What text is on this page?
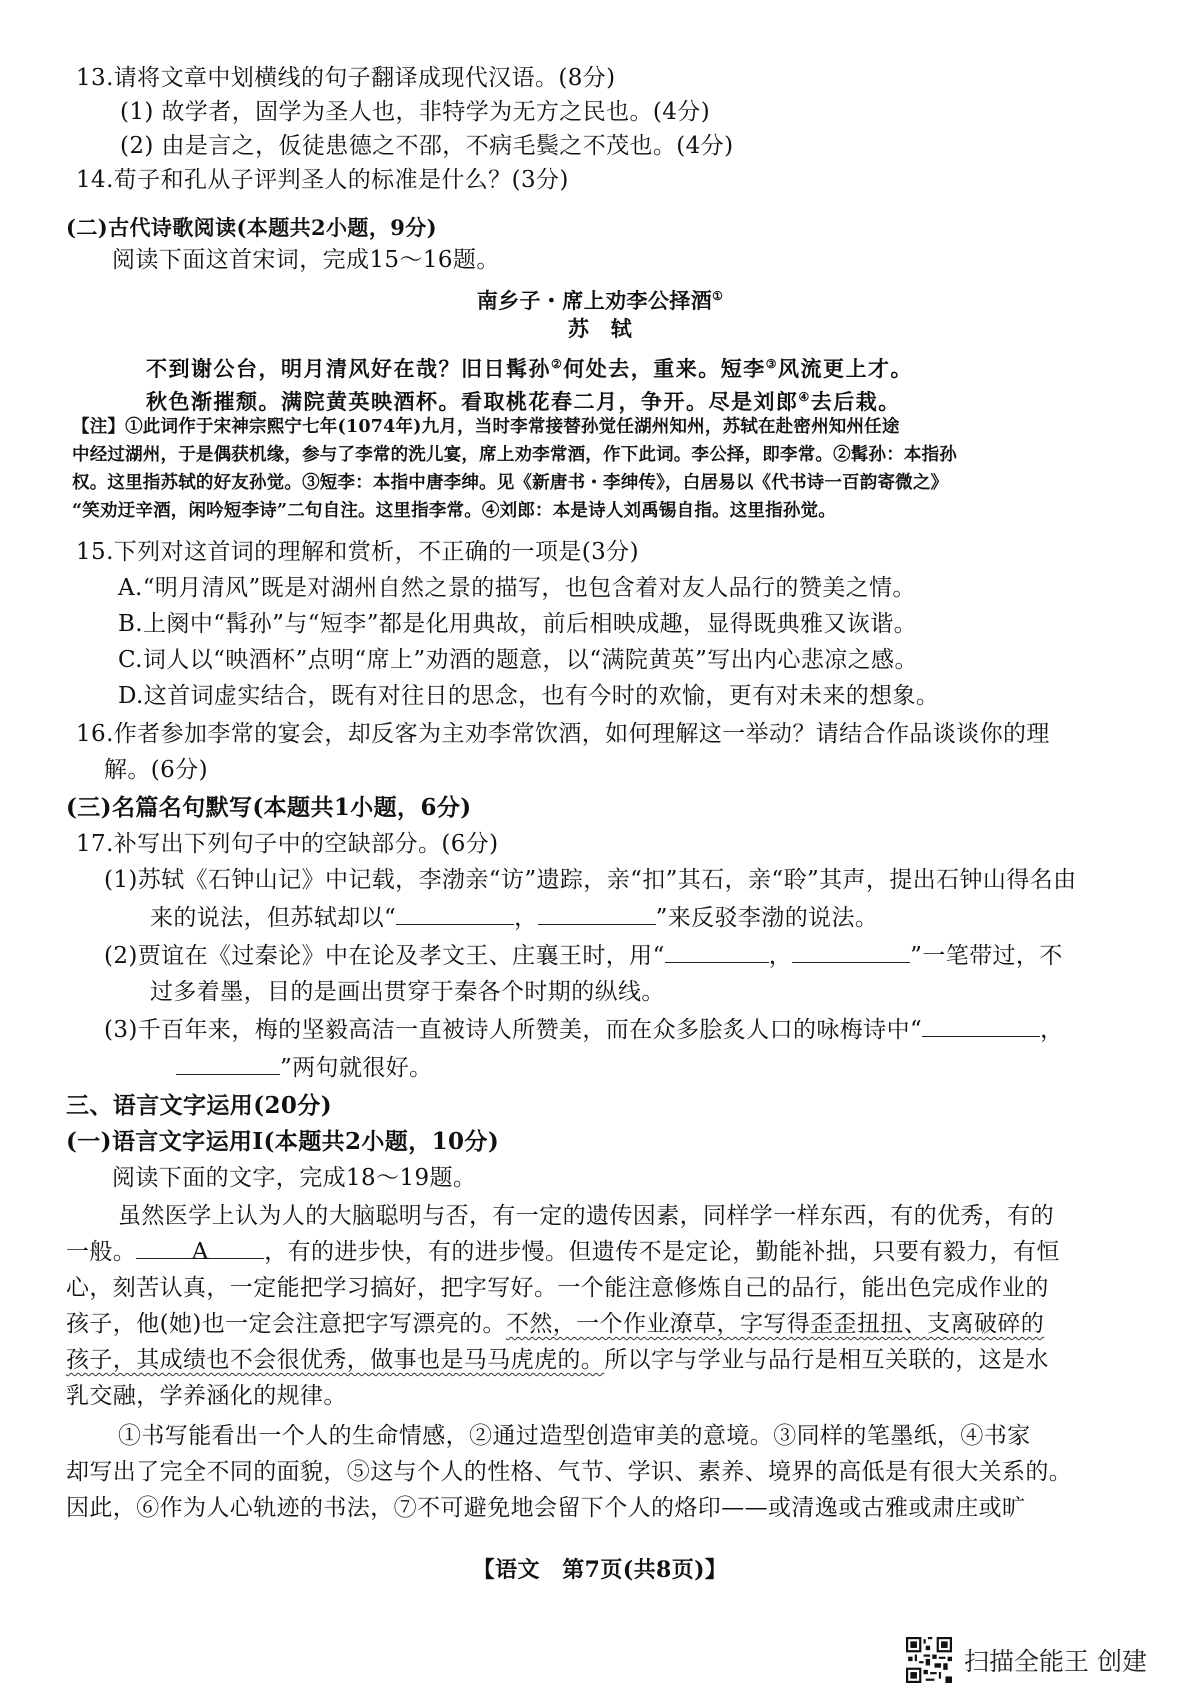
13.请将文章中划横线的句子翻译成现代汉语。(8分)
(1) 故学者，固学为圣人也，非特学为无方之民也。(4分)
(2) 由是言之，仮徒患德之不邵，不病毛鬓之不茂也。(4分)
14.荀子和孔从子评判圣人的标准是什么？(3分)
(二)古代诗歌阅读(本题共2小题，9分)
阅读下面这首宋词，完成15～16题。
南乡子・席上劝李公择酒①
苏　轼
不到谢公台，明月清风好在哉？旧日髯孙②何处去，重来。短李③风流更上才。
秋色渐摧颓。满院黄英映酒杯。看取桃花春二月，争开。尽是刘郎④去后栽。
【注】①此词作于宋神宗熙宁七年(1074年)九月，当时李常接替孙觉任湖州知州，苏轼在赴密州知州任途
中经过湖州，于是偶获机缘，参与了李常的洗儿宴，席上劝李常酒，作下此词。李公择，即李常。②髯孙：本指孙
权。这里指苏轼的好友孙觉。③短李：本指中唐李绅。见《新唐书・李绅传》，白居易以《代书诗一百韵寄微之》
“笑劝迂辛酒，闲吟短李诗”二句自注。这里指李常。④刘郎：本是诗人刘禹锡自指。这里指孙觉。
15.下列对这首词的理解和赏析，不正确的一项是(3分)
A.“明月清风”既是对湖州自然之景的描写，也包含着对友人品行的赞美之情。
B.上阕中“髯孙”与“短李”都是化用典故，前后相映成趣，显得既典雅又诙谐。
C.词人以“映酒杯”点明“席上”劝酒的题意，以“满院黄英”写出内心悲凉之感。
D.这首词虚实结合，既有对往日的思念，也有今时的欢愉，更有对未来的想象。
16.作者参加李常的宴会，却反客为主劝李常饮酒，如何理解这一举动？请结合作品谈谈你的理
解。(6分)
(三)名篇名句默写(本题共1小题，6分)
17.补写出下列句子中的空缺部分。(6分)
(1)苏轼《石钟山记》中记载，李渤亲“访”遗踪，亲“扣”其石，亲“聆”其声，提出石钟山得名由
来的说法，但苏轼却以“	，	”来反驳李渤的说法。
(2)贾谊在《过秦论》中在论及孝文王、庄襄王时，用“	，	”一笔带过，不
过多着墨，目的是画出贯穿于秦各个时期的纵线。
(3)千百年来，梅的坚毅高洁一直被诗人所赞美，而在众多脍炙人口的咏梅诗中“	，
”两句就很好。
三、语言文字运用(20分)
(一)语言文字运用Ⅰ(本题共2小题，10分)
阅读下面的文字，完成18～19题。
虽然医学上认为人的大脑聪明与否，有一定的遗传因素，同样学一样东西，有的优秀，有的
一般。 A ，有的进步快，有的进步慢。但遗传不是定论，勤能补拙，只要有毅力，有恒
心，刻苦认真，一定能把学习搞好，把字写好。一个能注意修炼自己的品行，能出色完成作业的
孩子，他(她)也一定会注意把字写漂亮的。不然，一个作业潦草，字写得歪歪扭扭、支离破碎的
孩子，其成绩也不会很优秀，做事也是马马虎虎的。所以字与学业与品行是相互关联的，这是水
乳交融，学养涵化的规律。
①书写能看出一个人的生命情感，②通过造型创造审美的意境。③同样的笔墨纸，④书家
却写出了完全不同的面貌，⑤这与个人的性格、气节、学识、素养、境界的高低是有很大关系的。
因此，⑥作为人心轨迹的书法，⑦不可避免地会留下个人的烙印——或清逸或古雅或肃庄或旷
【语文　第7页(共8页)】
扫描全能王 创建
